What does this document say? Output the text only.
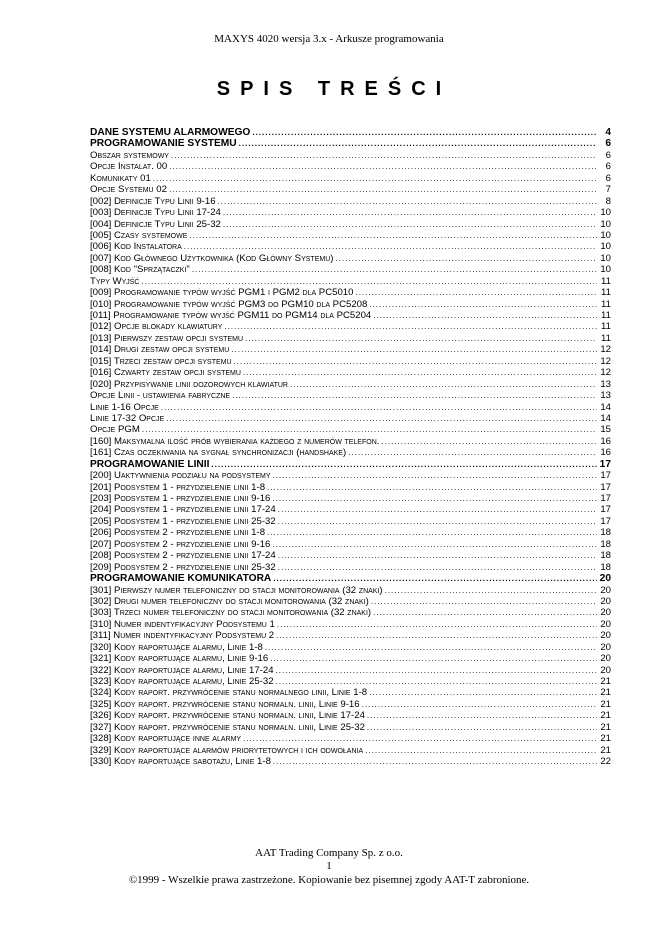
MAXYS 4020 wersja 3.x - Arkusze programowania
SPIS TREŚCI
DANE SYSTEMU ALARMOWEGO .....	4
PROGRAMOWANIE SYSTEMU .....	6
Obszar systemowy .....	6
Opcje Instalat. 00 .....	6
Komunikaty 01 .....	6
Opcje Systemu 02 .....	7
[002] Definicje Typu Linii 9-16 .....	8
[003] Definicje Typu Linii 17-24 .....	10
[004] Definicje Typu Linii 25-32 .....	10
[005] Czasy systemowe .....	10
[006] Kod Instalatora .....	10
[007] Kod Głównego Użytkownika (Kod Główny Systemu) .....	10
[008] Kod "Sprzątaczki" .....	10
Typy Wyjść .....	11
[009] Programowanie typów wyjść PGM1 i PGM2 dla PC5010 .....	11
[010] Programowanie typów wyjść PGM3 do PGM10 dla PC5208 .....	11
[011] Programowanie typów wyjść PGM11 do PGM14 dla PC5204 .....	11
[012] Opcje blokady klawiatury .....	11
[013] Pierwszy zestaw opcji systemu .....	11
[014] Drugi zestaw opcji systemu .....	12
[015] Trzeci zestaw opcji systemu .....	12
[016] Czwarty zestaw opcji systemu .....	12
[020] Przypisywanie linii dozorowych klawiatur .....	13
Opcje Linii - ustawienia fabryczne .....	13
Linie 1-16 Opcje .....	14
Linie 17-32 Opcje .....	14
Opcje PGM .....	15
[160] Maksymalna ilość prób wybierania każdego z numerów telefon. .....	16
[161] Czas oczekiwania na sygnał synchronizacji (handshake) .....	16
PROGRAMOWANIE LINII .....	17
[200] Uaktywnienia podziału na podsystemy .....	17
[201] Podsystem 1 - przydzielenie linii 1-8 .....	17
[203] Podsystem 1 - przydzielenie linii 9-16 .....	17
[204] Podsystem 1 - przydzielenie linii 17-24 .....	17
[205] Podsystem 1 - przydzielenie linii 25-32 .....	17
[206] Podsystem 2 - przydzielenie linii 1-8 .....	18
[207] Podsystem 2 - przydzielenie linii 9-16 .....	18
[208] Podsystem 2 - przydzielenie linii 17-24 .....	18
[209] Podsystem 2 - przydzielenie linii 25-32 .....	18
PROGRAMOWANIE KOMUNIKATORA .....	20
[301] Pierwszy numer telefoniczny do stacji monitorowania (32 znaki) .....	20
[302] Drugi numer telefoniczny do stacji monitorowania (32 znaki) .....	20
[303] Trzeci numer telefoniczny do stacji monitorowania (32 znaki) .....	20
[310] Numer indentyfikacyjny Podsystemu 1 .....	20
[311] Numer indentyfikacyjny Podsystemu 2 .....	20
[320] Kody raportujące alarmu, Linie 1-8 .....	20
[321] Kody raportujące alarmu, Linie 9-16 .....	20
[322] Kody raportujące alarmu, Linie 17-24 .....	20
[323] Kody raportujące alarmu, Linie 25-32 .....	21
[324] Kody raport. przywrócenie stanu normalnego linii, Linie 1-8 .....	21
[325] Kody raport. przywrócenie stanu normaln. linii, Linie 9-16 .....	21
[326] Kody raport. przywrócenie stanu normaln. linii, Linie 17-24 .....	21
[327] Kody raport. przywrócenie stanu normaln. linii, Linie 25-32 .....	21
[328] Kody raportujące inne alarmy .....	21
[329] Kody raportujące alarmów priorytetowych i ich odwołania .....	21
[330] Kody raportujące sabotażu, Linie 1-8 .....	22
AAT Trading Company Sp. z o.o.
1
©1999 - Wszelkie prawa zastrzeżone. Kopiowanie bez pisemnej zgody AAT-T zabronione.
